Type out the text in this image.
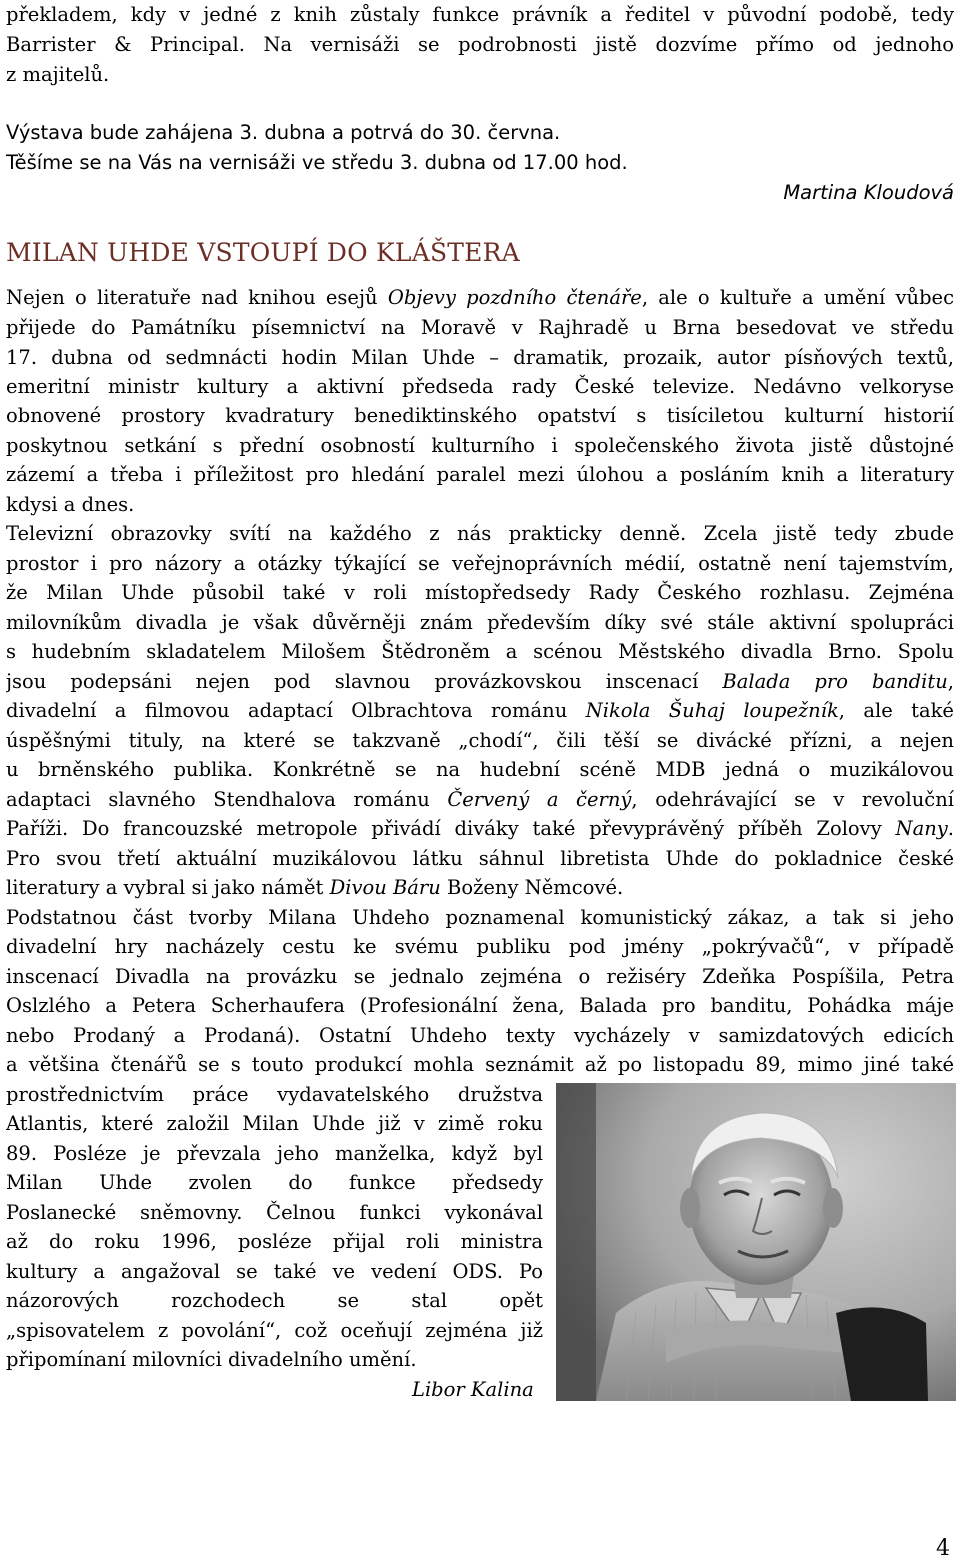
překladem, kdy v jedné z knih zůstaly funkce právník a ředitel v původní podobě, tedy
Barrister & Principal. Na vernisáži se podrobnosti jistě dozvíme přímo od jednoho
z majitelů.
Výstava bude zahájena 3. dubna a potrvá do 30. června.
Těšíme se na Vás na vernisáži ve středu 3. dubna od 17.00 hod.
Martina Kloudová
MILAN UHDE VSTOUPÍ DO KLÁŠTERA
Nejen o literatuře nad knihou esejů Objevy pozdního čtenáře, ale o kultuře a umění vůbec
přijede do Památníku písemnictví na Moravě v Rajhradě u Brna besedovat ve středu
17. dubna od sedmnácti hodin Milan Uhde – dramatik, prozaik, autor písňových textů,
emeritní ministr kultury a aktivní předseda rady České televize. Nedávno velkoryse
obnovené prostory kvadratury benediktinského opatství s tisíciletou kulturní historií
poskytnou setkání s přední osobností kulturního i společenského života jistě důstojné
zázemí a třeba i příležitost pro hledání paralel mezi úlohou a posláním knih a literatury
kdysi a dnes.
Televizní obrazovky svítí na každého z nás prakticky denně. Zcela jistě tedy zbude
prostor i pro názory a otázky týkající se veřejnoprávních médií, ostatně není tajemstvím,
že Milan Uhde působil také v roli místopředsedy Rady Českého rozhlasu. Zejména
milovníkům divadla je však důvěrněji znám především díky své stále aktivní spolupráci
s hudebním skladatelem Milošem Štědroněm a scénou Městského divadla Brno. Spolu
jsou podepsáni nejen pod slavnou provázkovskou inscenací Balada pro banditu,
divadelní a filmovou adaptací Olbrachtova románu Nikola Šuhaj loupežník, ale také
úspěšnými tituly, na které se takzvaně „chodí“, čili těší se divácké přízni, a nejen
u brněnského publika. Konkrétně se na hudební scéně MDB jedná o muzikálovou
adaptaci slavného Stendhalova románu Červený a černý, odehrávající se v revoluční
Paříži. Do francouzské metropole přivádí diváky také převyprávěný příběh Zolovy Nany.
Pro svou třetí aktuální muzikálovou látku sáhnul libretista Uhde do pokladnice české
literatury a vybral si jako námět Divou Báru Boženy Němcové.
Podstatnou část tvorby Milana Uhdeho poznamenal komunistický zákaz, a tak si jeho
divadelní hry nacházely cestu ke svému publiku pod jmény „pokrývačů“, v případě
inscenací Divadla na provázku se jednalo zejména o režiséry Zdeňka Pospíšila, Petra
Oslzlého a Petera Scherhaufera (Profesionální žena, Balada pro banditu, Pohádka máje
nebo Prodaný a Prodaná). Ostatní Uhdeho texty vycházely v samizdatových edicích
a většina čtenářů se s touto produkcí mohla seznámit až po listopadu 89, mimo jiné také
prostřednictvím práce vydavatelského družstva
Atlantis, které založil Milan Uhde již v zimě roku
89. Posléze je převzala jeho manželka, když byl
Milan Uhde zvolen do funkce předsedy
Poslanecké sněmovny. Čelnou funkci vykonával
až do roku 1996, posléze přijal roli ministra
kultury a angažoval se také ve vedení ODS. Po
názorových rozchodech se stal opět
„spisovatelem z povolání“, což oceňují zejména již
připomínaní milovníci divadelního umění.
Libor Kalina
4
